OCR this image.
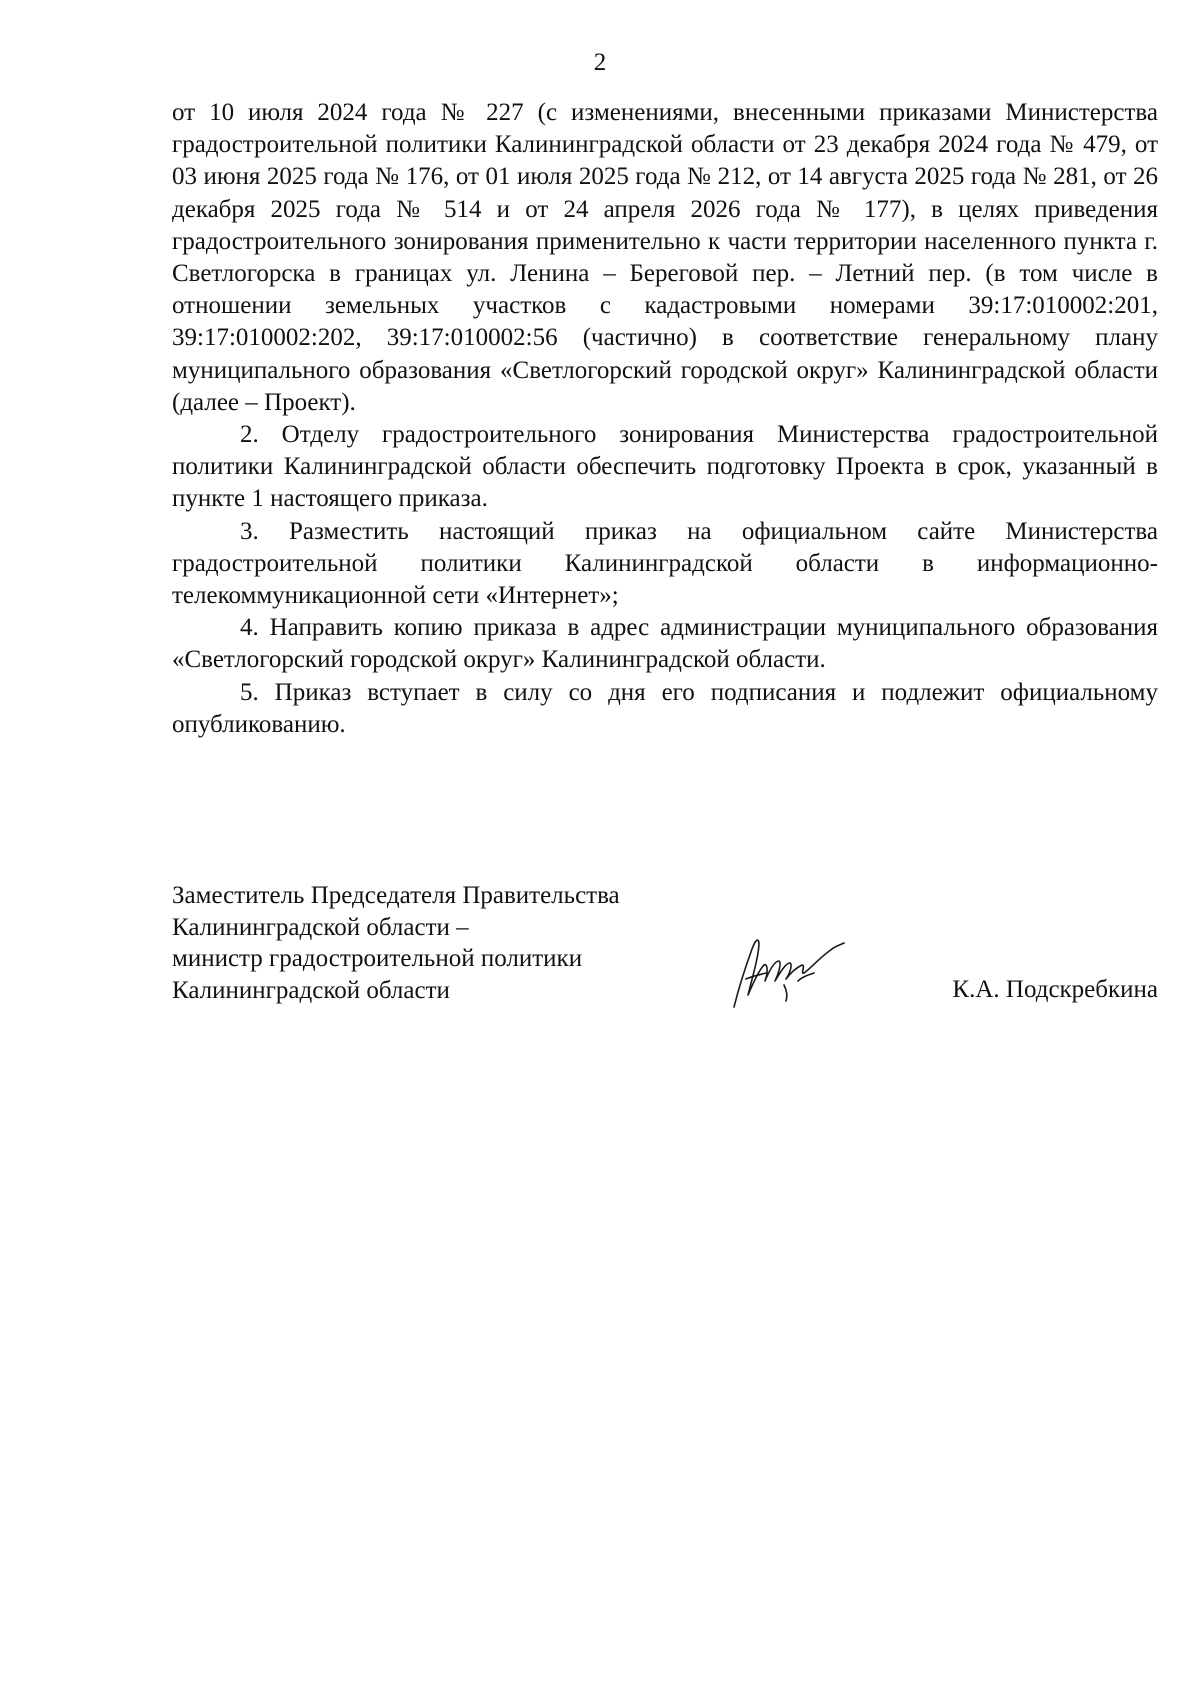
2

от 10 июля 2024 года № 227 (с изменениями, внесенными приказами Министерства градостроительной политики Калининградской области от 23 декабря 2024 года № 479, от 03 июня 2025 года № 176, от 01 июля 2025 года № 212, от 14 августа 2025 года № 281, от 26 декабря 2025 года № 514 и от 24 апреля 2026 года № 177), в целях приведения градостроительного зонирования применительно к части территории населенного пункта г. Светлогорска в границах ул. Ленина – Береговой пер. – Летний пер. (в том числе в отношении земельных участков с кадастровыми номерами 39:17:010002:201, 39:17:010002:202, 39:17:010002:56 (частично) в соответствие генеральному плану муниципального образования «Светлогорский городской округ» Калининградской области (далее – Проект).

2. Отделу градостроительного зонирования Министерства градостроительной политики Калининградской области обеспечить подготовку Проекта в срок, указанный в пункте 1 настоящего приказа.

3. Разместить настоящий приказ на официальном сайте Министерства градостроительной политики Калининградской области в информационно-телекоммуникационной сети «Интернет»;

4. Направить копию приказа в адрес администрации муниципального образования «Светлогорский городской округ» Калининградской области.

5. Приказ вступает в силу со дня его подписания и подлежит официальному опубликованию.

Заместитель Председателя Правительства
Калининградской области –
министр градостроительной политики
Калининградской области	К.А. Подскребкина
